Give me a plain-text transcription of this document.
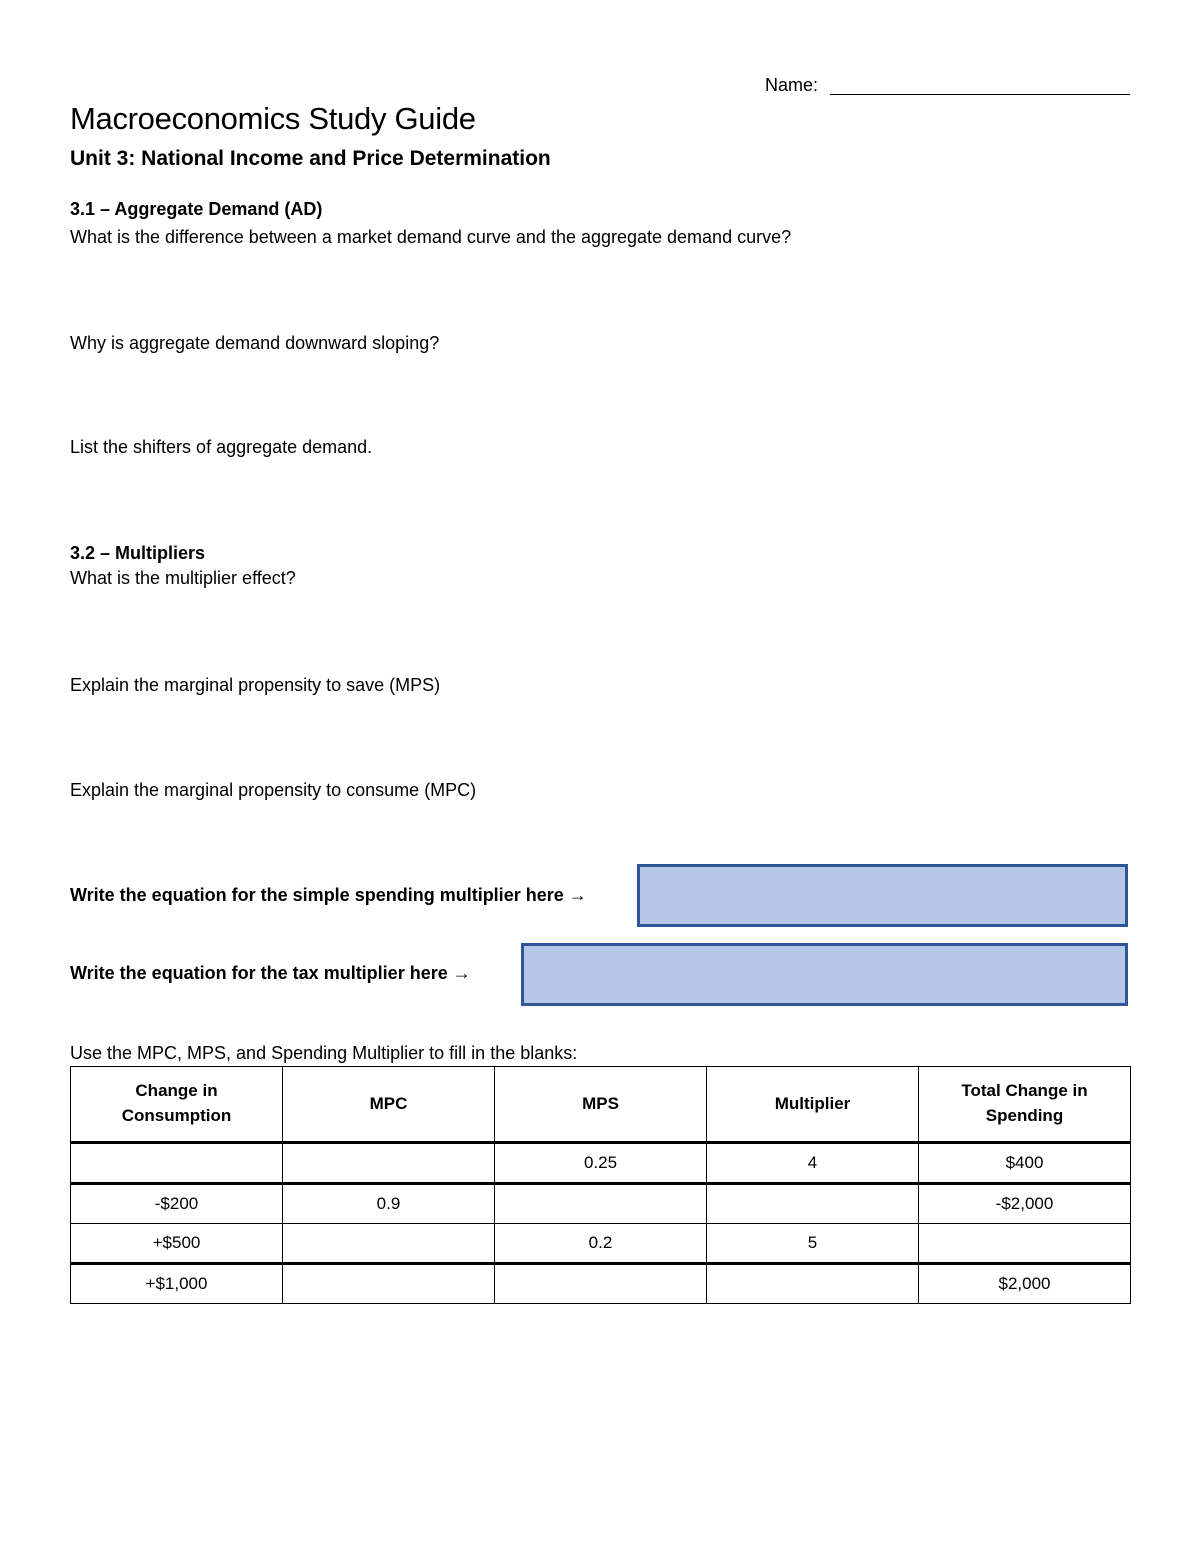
Name:
Macroeconomics Study Guide
Unit 3: National Income and Price Determination
3.1 – Aggregate Demand (AD)
What is the difference between a market demand curve and the aggregate demand curve?
Why is aggregate demand downward sloping?
List the shifters of aggregate demand.
3.2 – Multipliers
What is the multiplier effect?
Explain the marginal propensity to save (MPS)
Explain the marginal propensity to consume (MPC)
Write the equation for the simple spending multiplier here →
Write the equation for the tax multiplier here →
Use the MPC, MPS, and Spending Multiplier to fill in the blanks:
Change in Consumption	MPC	MPS	Multiplier	Total Change in Spending
		0.25	4	$400
-$200	0.9			-$2,000
+$500		0.2	5	
+$1,000				$2,000
